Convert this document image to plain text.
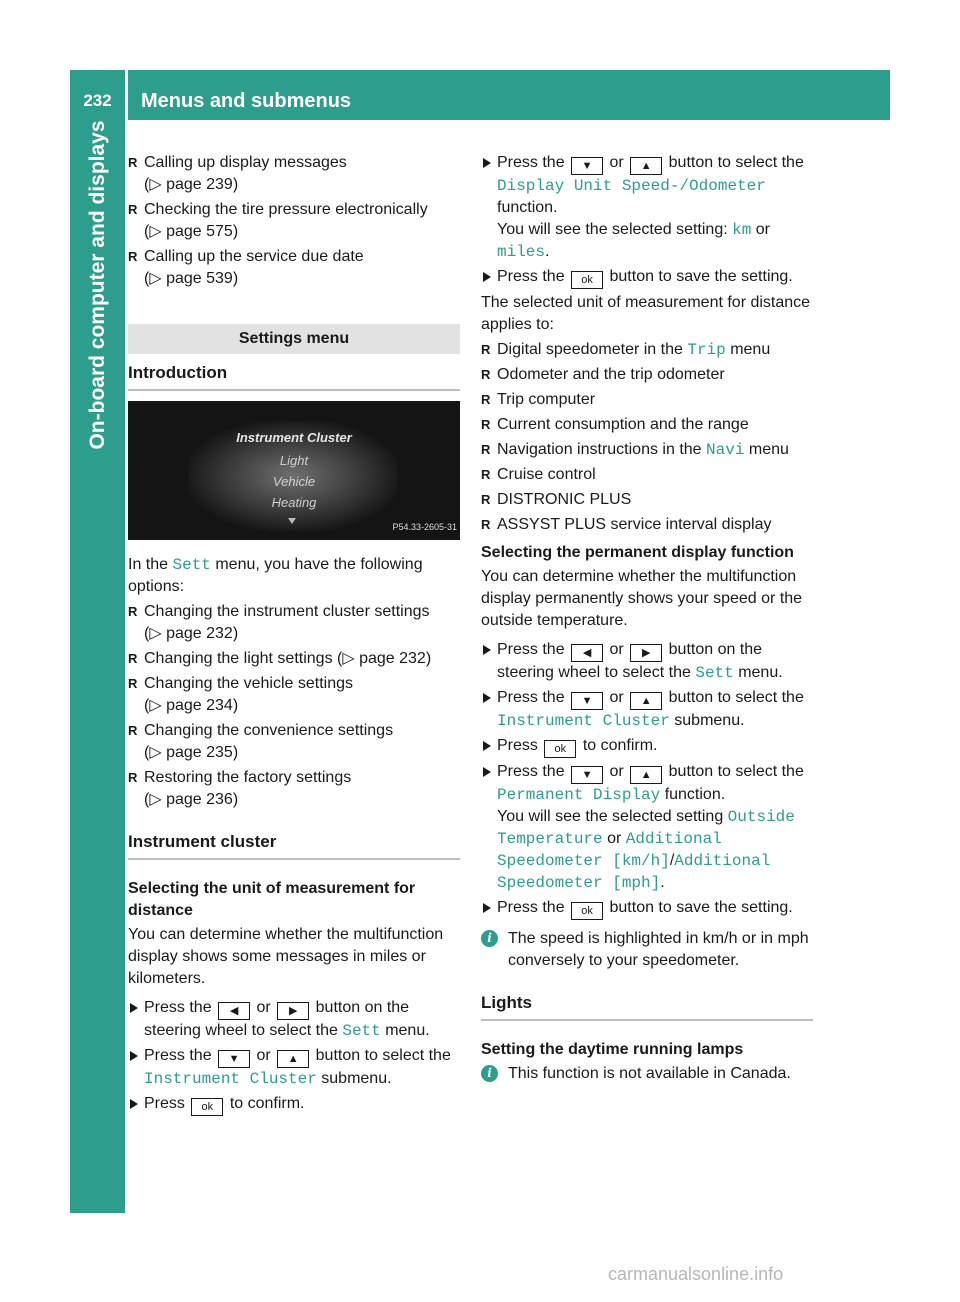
232	Menus and submenus
On-board computer and displays

R	Calling up display messages
(▷ page 239)

R Checking the tire pressure electronically
(▷ page 575)

R Calling up the service due date
(▷ page 539)

Settings menu
Introduction
Instrument Cluster
Light
Vehicle
Heating
P54.33-2605-31

In the Sett menu, you have the following options:

R Changing the instrument cluster settings
(▷ page 232)

R Changing the light settings (▷ page 232)

R Changing the vehicle settings
(▷ page 234)

R Changing the convenience settings
(▷ page 235)

R Restoring the factory settings
(▷ page 236)

Instrument cluster
Selecting the unit of measurement for distance

You can determine whether the multifunction display shows some messages in miles or kilometers.

Press the ◀ or ▶ button on the steering wheel to select the Sett menu.

Press the ▼ or ▲ button to select the Instrument Cluster submenu.

Press ok to confirm.

Press the ▼ or ▲ button to select the Display Unit Speed-/Odometer function.
You will see the selected setting: km or miles.

Press the ok button to save the setting.

The selected unit of measurement for distance applies to:

R Digital speedometer in the Trip menu

R Odometer and the trip odometer

R Trip computer

R Current consumption and the range

R Navigation instructions in the Navi menu

R Cruise control

R DISTRONIC PLUS

R ASSYST PLUS service interval display

Selecting the permanent display function

You can determine whether the multifunction display permanently shows your speed or the outside temperature.

Press the ◀ or ▶ button on the steering wheel to select the Sett menu.

Press the ▼ or ▲ button to select the Instrument Cluster submenu.

Press ok to confirm.

Press the ▼ or ▲ button to select the Permanent Display function.
You will see the selected setting Outside Temperature or Additional Speedometer [km/h]/Additional Speedometer [mph].

Press the ok button to save the setting.

i	The speed is highlighted in km/h or in mph conversely to your speedometer.

Lights
Setting the daytime running lamps

i	This function is not available in Canada.

carmanualsonline.info
